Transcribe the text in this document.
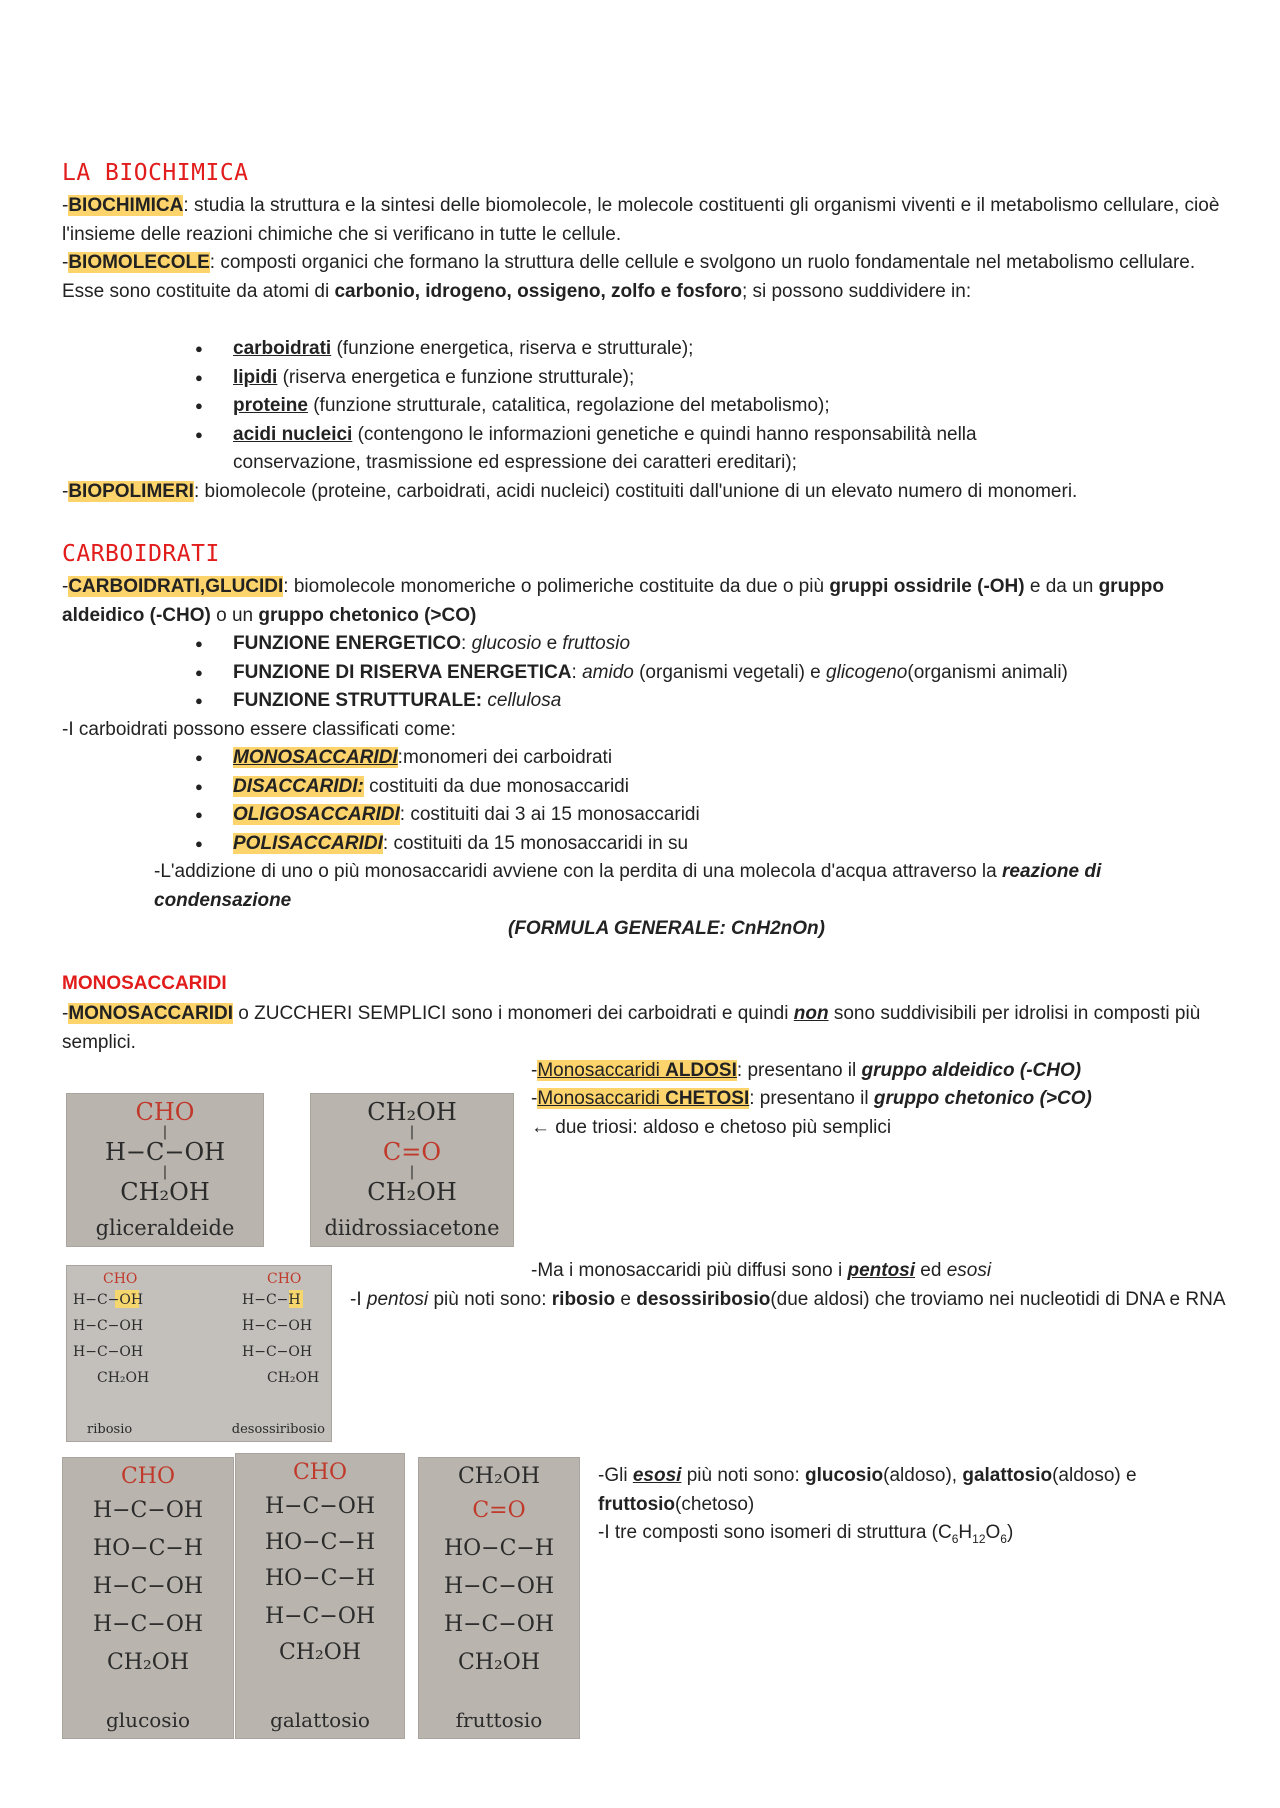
LA BIOCHIMICA
-BIOCHIMICA: studia la struttura e la sintesi delle biomolecole, le molecole costituenti gli organismi viventi e il metabolismo cellulare, cioè l'insieme delle reazioni chimiche che si verificano in tutte le cellule.
-BIOMOLECOLE: composti organici che formano la struttura delle cellule e svolgono un ruolo fondamentale nel metabolismo cellulare. Esse sono costituite da atomi di carbonio, idrogeno, ossigeno, zolfo e fosforo; si possono suddividere in:
● carboidrati (funzione energetica, riserva e strutturale);
● lipidi (riserva energetica e funzione strutturale);
● proteine (funzione strutturale, catalitica, regolazione del metabolismo);
● acidi nucleici (contengono le informazioni genetiche e quindi hanno responsabilità nella conservazione, trasmissione ed espressione dei caratteri ereditari);
-BIOPOLIMERI: biomolecole (proteine, carboidrati, acidi nucleici) costituiti dall'unione di un elevato numero di monomeri.
CARBOIDRATI
-CARBOIDRATI,GLUCIDI: biomolecole monomeriche o polimeriche costituite da due o più gruppi ossidrile (-OH) e da un gruppo aldeidico (-CHO) o un gruppo chetonico (>CO)
● FUNZIONE ENERGETICO: glucosio e fruttosio
● FUNZIONE DI RISERVA ENERGETICA: amido (organismi vegetali) e glicogeno(organismi animali)
● FUNZIONE STRUTTURALE: cellulosa
-I carboidrati possono essere classificati come:
● MONOSACCARIDI:monomeri dei carboidrati
● DISACCARIDI: costituiti da due monosaccaridi
● OLIGOSACCARIDI: costituiti dai 3 ai 15 monosaccaridi
● POLISACCARIDI: costituiti da 15 monosaccaridi in su
-L'addizione di uno o più monosaccaridi avviene con la perdita di una molecola d'acqua attraverso la reazione di condensazione
(FORMULA GENERALE: CnH2nOn)
MONOSACCARIDI
-MONOSACCARIDI o ZUCCHERI SEMPLICI sono i monomeri dei carboidrati e quindi non sono suddivisibili per idrolisi in composti più semplici.
-Monosaccaridi ALDOSI: presentano il gruppo aldeidico (-CHO)
-Monosaccaridi CHETOSI: presentano il gruppo chetonico (>CO)
← due triosi: aldoso e chetoso più semplici
CHO
|
H−C−OH
|
CH₂OH
gliceraldeide
CH₂OH
|
C=O
|
CH₂OH
diidrossiacetone
-Ma i monosaccaridi più diffusi sono i pentosi ed esosi
-I pentosi più noti sono: ribosio e desossiribosio(due aldosi) che troviamo nei nucleotidi di DNA e RNA
CHO
H−C−OH
H−C−OH
H−C−OH
CH₂OH
CHO
H−C−H
H−C−OH
H−C−OH
CH₂OH
ribosio	desossiribosio
CHO
H−C−OH
HO−C−H
H−C−OH
H−C−OH
CH₂OH
glucosio
CHO
H−C−OH
HO−C−H
HO−C−H
H−C−OH
CH₂OH
galattosio
CH₂OH
C=O
HO−C−H
H−C−OH
H−C−OH
CH₂OH
fruttosio
-Gli esosi più noti sono: glucosio(aldoso), galattosio(aldoso) e fruttosio(chetoso)
-I tre composti sono isomeri di struttura $(C_6H_{12}O_6)$
